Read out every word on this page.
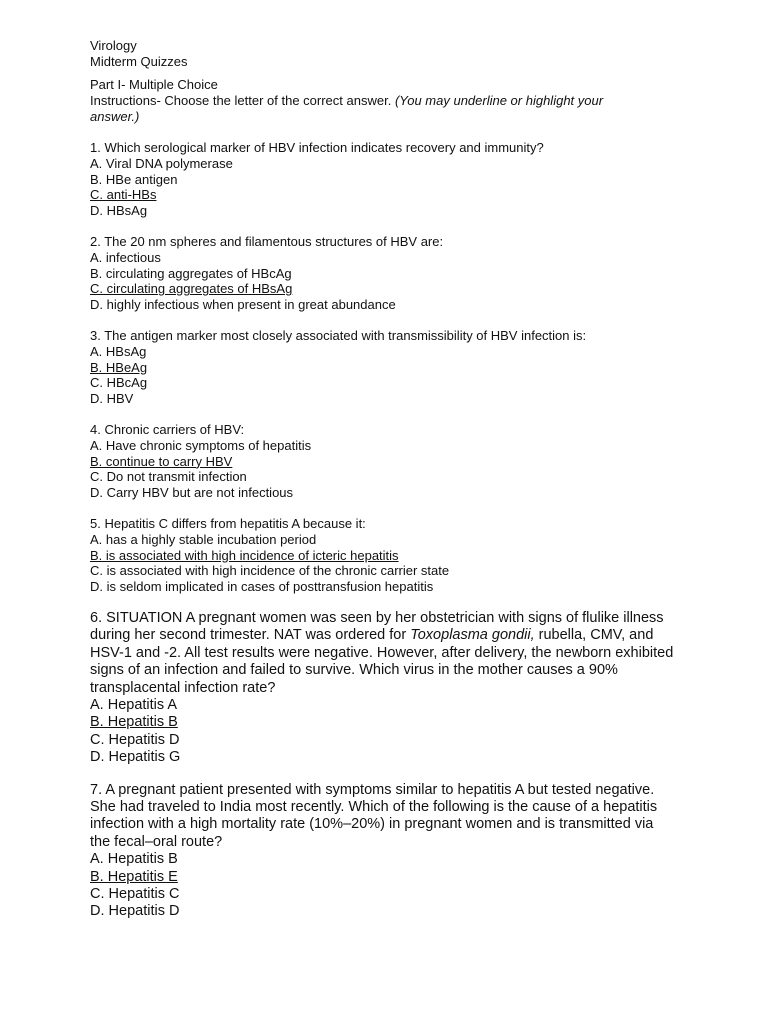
Virology
Midterm Quizzes
Part I- Multiple Choice
Instructions- Choose the letter of the correct answer. (You may underline or highlight your answer.)
1. Which serological marker of HBV infection indicates recovery and immunity?
A. Viral DNA polymerase
B. HBe antigen
C. anti-HBs
D. HBsAg
2. The 20 nm spheres and filamentous structures of HBV are:
A. infectious
B. circulating aggregates of HBcAg
C. circulating aggregates of HBsAg
D. highly infectious when present in great abundance
3. The antigen marker most closely associated with transmissibility of HBV infection is:
A. HBsAg
B. HBeAg
C. HBcAg
D. HBV
4. Chronic carriers of HBV:
A. Have chronic symptoms of hepatitis
B. continue to carry HBV
C. Do not transmit infection
D. Carry HBV but are not infectious
5. Hepatitis C differs from hepatitis A because it:
A. has a highly stable incubation period
B. is associated with high incidence of icteric hepatitis
C. is associated with high incidence of the chronic carrier state
D. is seldom implicated in cases of posttransfusion hepatitis
6. SITUATION A pregnant women was seen by her obstetrician with signs of flulike illness during her second trimester. NAT was ordered for Toxoplasma gondii, rubella, CMV, and HSV-1 and -2. All test results were negative. However, after delivery, the newborn exhibited signs of an infection and failed to survive. Which virus in the mother causes a 90% transplacental infection rate?
A. Hepatitis A
B. Hepatitis B
C. Hepatitis D
D. Hepatitis G
7. A pregnant patient presented with symptoms similar to hepatitis A but tested negative. She had traveled to India most recently. Which of the following is the cause of a hepatitis infection with a high mortality rate (10%–20%) in pregnant women and is transmitted via the fecal–oral route?
A. Hepatitis B
B. Hepatitis E
C. Hepatitis C
D. Hepatitis D
